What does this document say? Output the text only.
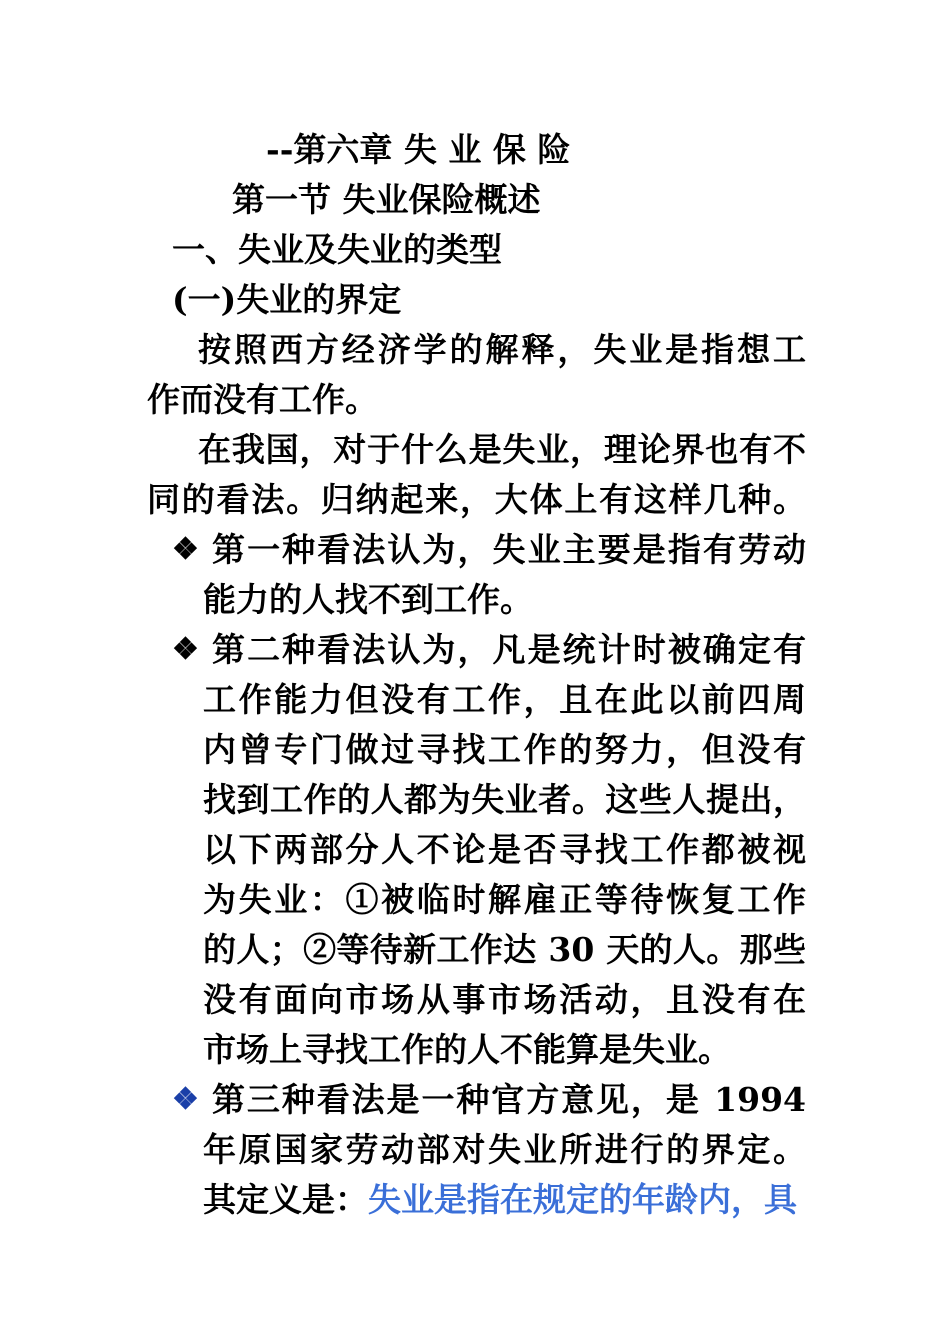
--第六章 失 业 保 险
第一节 失业保险概述
一、失业及失业的类型
(一)失业的界定
按照西方经济学的解释，失业是指想工
作而没有工作。
在我国，对于什么是失业，理论界也有不
同的看法。归纳起来，大体上有这样几种。
❖ 第一种看法认为，失业主要是指有劳动
能力的人找不到工作。
❖ 第二种看法认为，凡是统计时被确定有
工作能力但没有工作，且在此以前四周
内曾专门做过寻找工作的努力，但没有
找到工作的人都为失业者。这些人提出，
以下两部分人不论是否寻找工作都被视
为失业：①被临时解雇正等待恢复工作
的人；②等待新工作达 30 天的人。那些
没有面向市场从事市场活动，且没有在
市场上寻找工作的人不能算是失业。
❖ 第三种看法是一种官方意见，是 1994
年原国家劳动部对失业所进行的界定。
其定义是：失业是指在规定的年龄内，具
